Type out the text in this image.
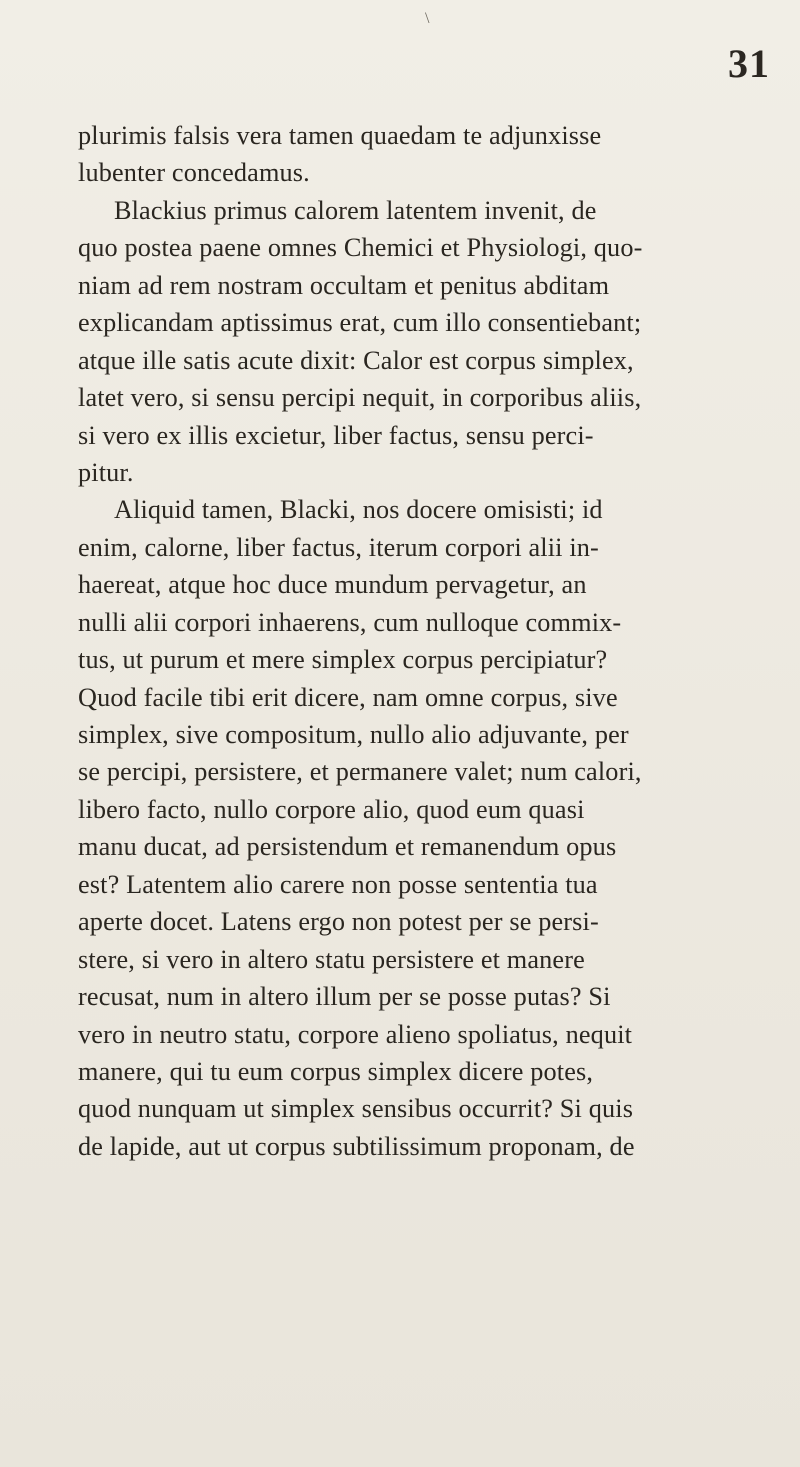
\
31
plurimis falsis vera tamen quaedam te adjunxisse
lubenter concedamus.
Blackius primus calorem latentem invenit, de
quo postea paene omnes Chemici et Physiologi, quo-
niam ad rem nostram occultam et penitus abditam
explicandam aptissimus erat, cum illo consentiebant;
atque ille satis acute dixit: Calor est corpus simplex,
latet vero, si sensu percipi nequit, in corporibus aliis,
si vero ex illis excietur, liber factus, sensu perci-
pitur.
Aliquid tamen, Blacki, nos docere omisisti; id
enim, calorne, liber factus, iterum corpori alii in-
haereat, atque hoc duce mundum pervagetur, an
nulli alii corpori inhaerens, cum nulloque commix-
tus, ut purum et mere simplex corpus percipiatur?
Quod facile tibi erit dicere, nam omne corpus, sive
simplex, sive compositum, nullo alio adjuvante, per
se percipi, persistere, et permanere valet; num calori,
libero facto, nullo corpore alio, quod eum quasi
manu ducat, ad persistendum et remanendum opus
est? Latentem alio carere non posse sententia tua
aperte docet. Latens ergo non potest per se persi-
stere, si vero in altero statu persistere et manere
recusat, num in altero illum per se posse putas? Si
vero in neutro statu, corpore alieno spoliatus, nequit
manere, qui tu eum corpus simplex dicere potes,
quod nunquam ut simplex sensibus occurrit? Si quis
de lapide, aut ut corpus subtilissimum proponam, de
